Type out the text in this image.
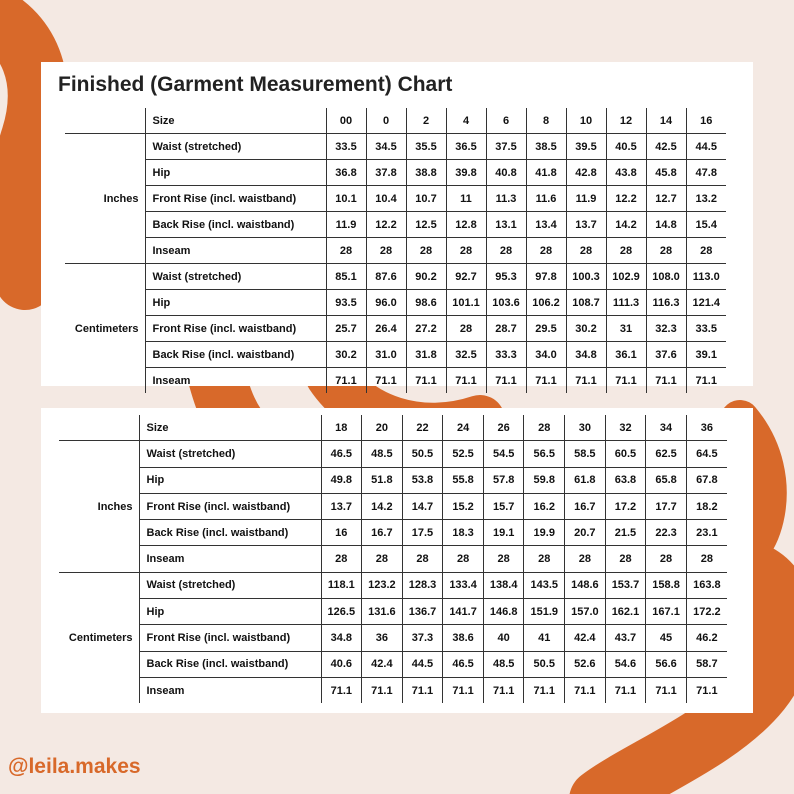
Finished (Garment Measurement) Chart
	Size	00	0	2	4	6	8	10	12	14	16
Inches	Waist (stretched)	33.5	34.5	35.5	36.5	37.5	38.5	39.5	40.5	42.5	44.5
	Hip	36.8	37.8	38.8	39.8	40.8	41.8	42.8	43.8	45.8	47.8
	Front Rise (incl. waistband)	10.1	10.4	10.7	11	11.3	11.6	11.9	12.2	12.7	13.2
	Back Rise (incl. waistband)	11.9	12.2	12.5	12.8	13.1	13.4	13.7	14.2	14.8	15.4
	Inseam	28	28	28	28	28	28	28	28	28	28
Centimeters	Waist (stretched)	85.1	87.6	90.2	92.7	95.3	97.8	100.3	102.9	108.0	113.0
	Hip	93.5	96.0	98.6	101.1	103.6	106.2	108.7	111.3	116.3	121.4
	Front Rise (incl. waistband)	25.7	26.4	27.2	28	28.7	29.5	30.2	31	32.3	33.5
	Back Rise (incl. waistband)	30.2	31.0	31.8	32.5	33.3	34.0	34.8	36.1	37.6	39.1
	Inseam	71.1	71.1	71.1	71.1	71.1	71.1	71.1	71.1	71.1	71.1
	Size	18	20	22	24	26	28	30	32	34	36
Inches	Waist (stretched)	46.5	48.5	50.5	52.5	54.5	56.5	58.5	60.5	62.5	64.5
	Hip	49.8	51.8	53.8	55.8	57.8	59.8	61.8	63.8	65.8	67.8
	Front Rise (incl. waistband)	13.7	14.2	14.7	15.2	15.7	16.2	16.7	17.2	17.7	18.2
	Back Rise (incl. waistband)	16	16.7	17.5	18.3	19.1	19.9	20.7	21.5	22.3	23.1
	Inseam	28	28	28	28	28	28	28	28	28	28
Centimeters	Waist (stretched)	118.1	123.2	128.3	133.4	138.4	143.5	148.6	153.7	158.8	163.8
	Hip	126.5	131.6	136.7	141.7	146.8	151.9	157.0	162.1	167.1	172.2
	Front Rise (incl. waistband)	34.8	36	37.3	38.6	40	41	42.4	43.7	45	46.2
	Back Rise (incl. waistband)	40.6	42.4	44.5	46.5	48.5	50.5	52.6	54.6	56.6	58.7
	Inseam	71.1	71.1	71.1	71.1	71.1	71.1	71.1	71.1	71.1	71.1
@leila.makes
